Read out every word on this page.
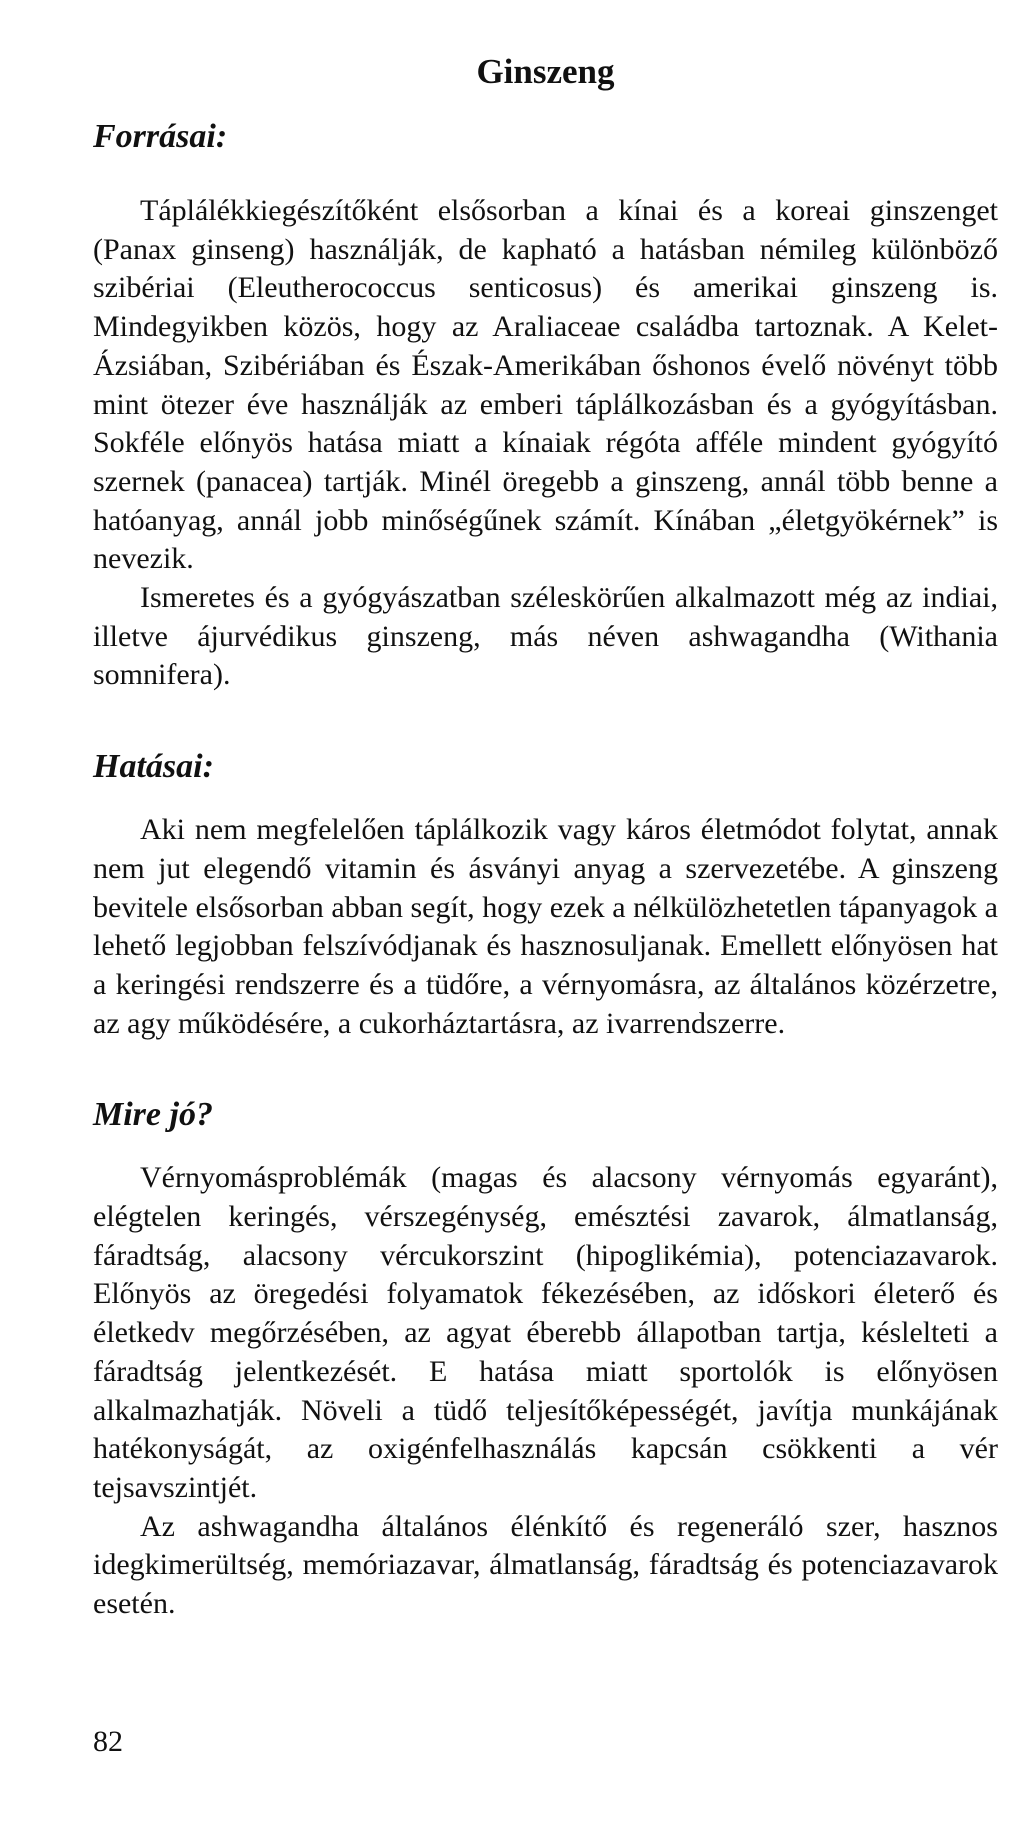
Ginszeng
Forrásai:

Táplálékkiegészítőként elsősorban a kínai és a koreai ginszenget (Panax ginseng) használják, de kapható a hatásban némileg különböző szibériai (Eleutherococcus senticosus) és amerikai ginszeng is. Mindegyikben közös, hogy az Araliaceae családba tartoznak. A Kelet-Ázsiában, Szibériában és Észak-Amerikában őshonos évelő növényt több mint ötezer éve használják az emberi táplálkozásban és a gyógyításban. Sokféle előnyös hatása miatt a kínaiak régóta afféle mindent gyógyító szernek (panacea) tartják. Minél öregebb a ginszeng, annál több benne a hatóanyag, annál jobb minőségűnek számít. Kínában „életgyökérnek” is nevezik.

Ismeretes és a gyógyászatban széleskörűen alkalmazott még az indiai, illetve ájurvédikus ginszeng, más néven ashwagandha (Withania somnifera).

Hatásai:

Aki nem megfelelően táplálkozik vagy káros életmódot folytat, annak nem jut elegendő vitamin és ásványi anyag a szervezetébe. A ginszeng bevitele elsősorban abban segít, hogy ezek a nélkülözhetetlen tápanyagok a lehető legjobban felszívódjanak és hasznosuljanak. Emellett előnyösen hat a keringési rendszerre és a tüdőre, a vérnyomásra, az általános közérzetre, az agy működésére, a cukorháztartásra, az ivarrendszerre.

Mire jó?

Vérnyomásproblémák (magas és alacsony vérnyomás egyaránt), elégtelen keringés, vérszegénység, emésztési zavarok, álmatlanság, fáradtság, alacsony vércukorszint (hipoglikémia), potenciazavarok. Előnyös az öregedési folyamatok fékezésében, az időskori életerő és életkedv megőrzésében, az agyat éberebb állapotban tartja, késlelteti a fáradtság jelentkezését. E hatása miatt sportolók is előnyösen alkalmazhatják. Növeli a tüdő teljesítőképességét, javítja munkájának hatékonyságát, az oxigénfelhasználás kapcsán csökkenti a vér tejsavszintjét.

Az ashwagandha általános élénkítő és regeneráló szer, hasznos idegkimerültség, memóriazavar, álmatlanság, fáradtság és potenciazavarok esetén.

82
